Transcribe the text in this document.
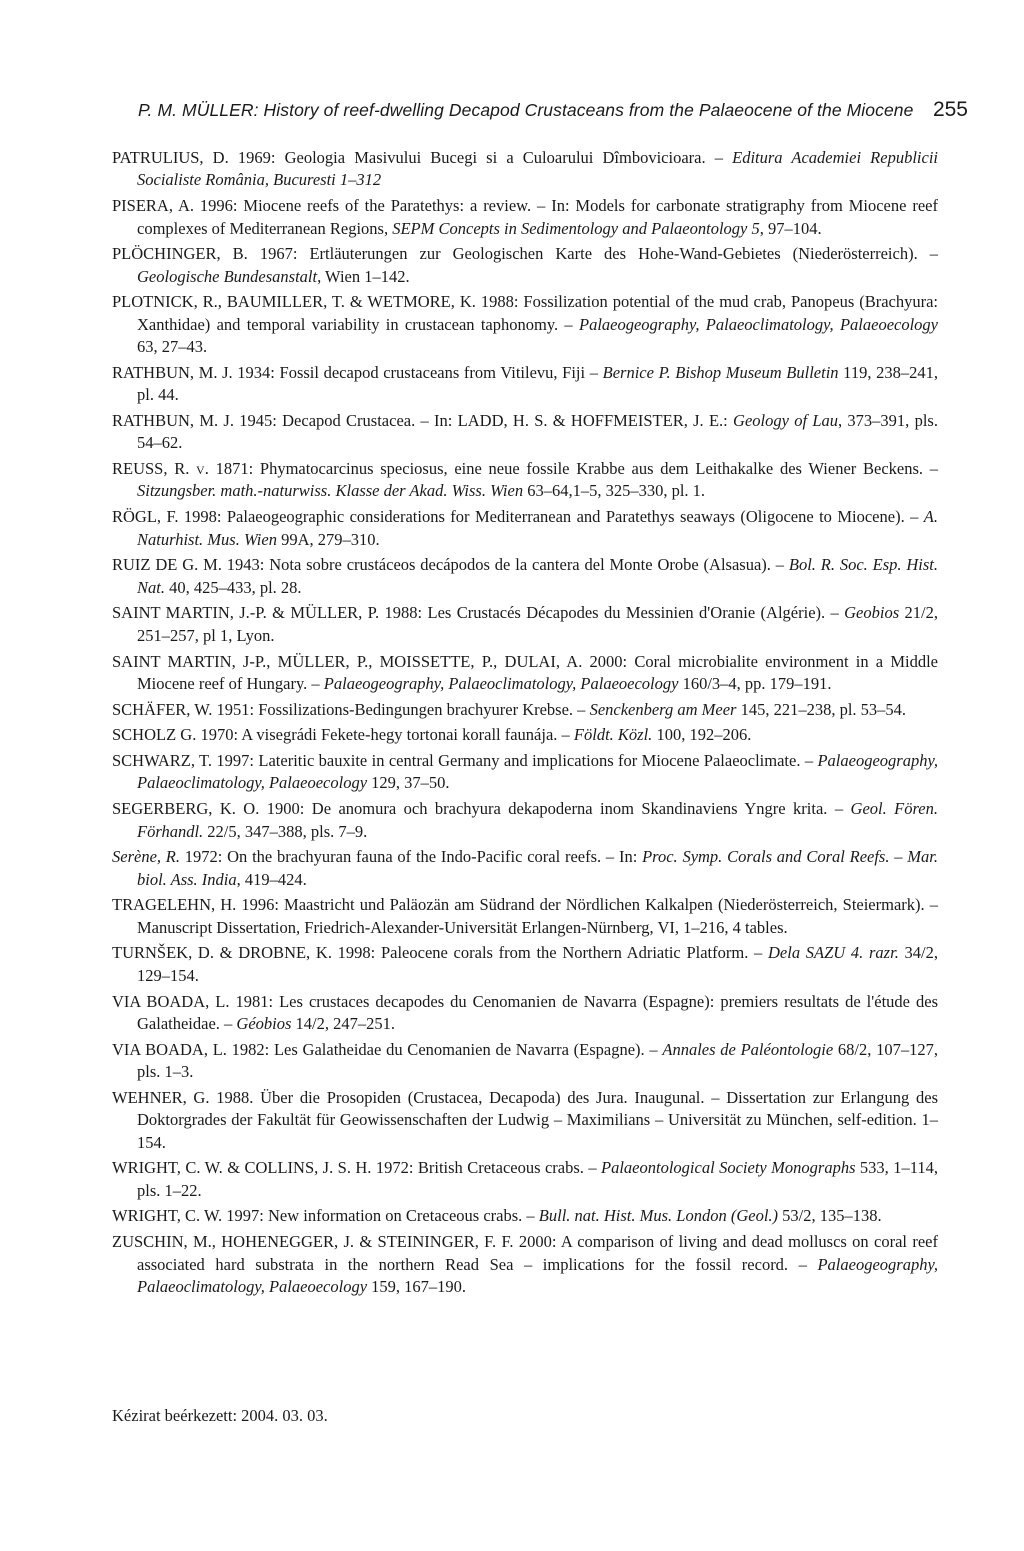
P. M. MÜLLER: History of reef-dwelling Decapod Crustaceans from the Palaeocene of the Miocene 255
PATRULIUS, D. 1969: Geologia Masivului Bucegi si a Culoarului Dîmbovicioara. – Editura Academiei Republicii Socialiste România, Bucuresti 1–312
PISERA, A. 1996: Miocene reefs of the Paratethys: a review. – In: Models for carbonate stratigraphy from Miocene reef complexes of Mediterranean Regions, SEPM Concepts in Sedimentology and Palaeontology 5, 97–104.
PLÖCHINGER, B. 1967: Ertläuterungen zur Geologischen Karte des Hohe-Wand-Gebietes (Niederösterreich). – Geologische Bundesanstalt, Wien 1–142.
PLOTNICK, R., BAUMILLER, T. & WETMORE, K. 1988: Fossilization potential of the mud crab, Panopeus (Brachyura: Xanthidae) and temporal variability in crustacean taphonomy. – Palaeogeography, Palaeoclimatology, Palaeoecology 63, 27–43.
RATHBUN, M. J. 1934: Fossil decapod crustaceans from Vitilevu, Fiji – Bernice P. Bishop Museum Bulletin 119, 238–241, pl. 44.
RATHBUN, M. J. 1945: Decapod Crustacea. – In: LADD, H. S. & HOFFMEISTER, J. E.: Geology of Lau, 373–391, pls. 54–62.
REUSS, R. v. 1871: Phymatocarcinus speciosus, eine neue fossile Krabbe aus dem Leithakalke des Wiener Beckens. – Sitzungsber. math.-naturwiss. Klasse der Akad. Wiss. Wien 63–64,1–5, 325–330, pl. 1.
RÖGL, F. 1998: Palaeogeographic considerations for Mediterranean and Paratethys seaways (Oligocene to Miocene). – A. Naturhist. Mus. Wien 99A, 279–310.
RUIZ DE G. M. 1943: Nota sobre crustáceos decápodos de la cantera del Monte Orobe (Alsasua). – Bol. R. Soc. Esp. Hist. Nat. 40, 425–433, pl. 28.
SAINT MARTIN, J.-P. & MÜLLER, P. 1988: Les Crustacés Décapodes du Messinien d'Oranie (Algérie). – Geobios 21/2, 251–257, pl 1, Lyon.
SAINT MARTIN, J-P., MÜLLER, P., MOISSETTE, P., DULAI, A. 2000: Coral microbialite environment in a Middle Miocene reef of Hungary. – Palaeogeography, Palaeoclimatology, Palaeoecology 160/3–4, pp. 179–191.
SCHÄFER, W. 1951: Fossilizations-Bedingungen brachyurer Krebse. – Senckenberg am Meer 145, 221–238, pl. 53–54.
SCHOLZ G. 1970: A visegrádi Fekete-hegy tortonai korall faunája. – Földt. Közl. 100, 192–206.
SCHWARZ, T. 1997: Lateritic bauxite in central Germany and implications for Miocene Palaeoclimate. – Palaeogeography, Palaeoclimatology, Palaeoecology 129, 37–50.
SEGERBERG, K. O. 1900: De anomura och brachyura dekapoderna inom Skandinaviens Yngre krita. – Geol. Fören. Förhandl. 22/5, 347–388, pls. 7–9.
Serène, R. 1972: On the brachyuran fauna of the Indo-Pacific coral reefs. – In: Proc. Symp. Corals and Coral Reefs. – Mar. biol. Ass. India, 419–424.
TRAGELEHN, H. 1996: Maastricht und Paläozän am Südrand der Nördlichen Kalkalpen (Niederösterreich, Steiermark). – Manuscript Dissertation, Friedrich-Alexander-Universität Erlangen-Nürnberg, VI, 1–216, 4 tables.
TURNŠEK, D. & DROBNE, K. 1998: Paleocene corals from the Northern Adriatic Platform. – Dela SAZU 4. razr. 34/2, 129–154.
VIA BOADA, L. 1981: Les crustaces decapodes du Cenomanien de Navarra (Espagne): premiers resultats de l'étude des Galatheidae. – Géobios 14/2, 247–251.
VIA BOADA, L. 1982: Les Galatheidae du Cenomanien de Navarra (Espagne). – Annales de Paléontologie 68/2, 107–127, pls. 1–3.
WEHNER, G. 1988. Über die Prosopiden (Crustacea, Decapoda) des Jura. Inaugunal. – Dissertation zur Erlangung des Doktorgrades der Fakultät für Geowissenschaften der Ludwig – Maximilians – Universität zu München, self-edition. 1–154.
WRIGHT, C. W. & COLLINS, J. S. H. 1972: British Cretaceous crabs. – Palaeontological Society Monographs 533, 1–114, pls. 1–22.
WRIGHT, C. W. 1997: New information on Cretaceous crabs. – Bull. nat. Hist. Mus. London (Geol.) 53/2, 135–138.
ZUSCHIN, M., HOHENEGGER, J. & STEININGER, F. F. 2000: A comparison of living and dead molluscs on coral reef associated hard substrata in the northern Read Sea – implications for the fossil record. – Palaeogeography, Palaeoclimatology, Palaeoecology 159, 167–190.
Kézirat beérkezett: 2004. 03. 03.
